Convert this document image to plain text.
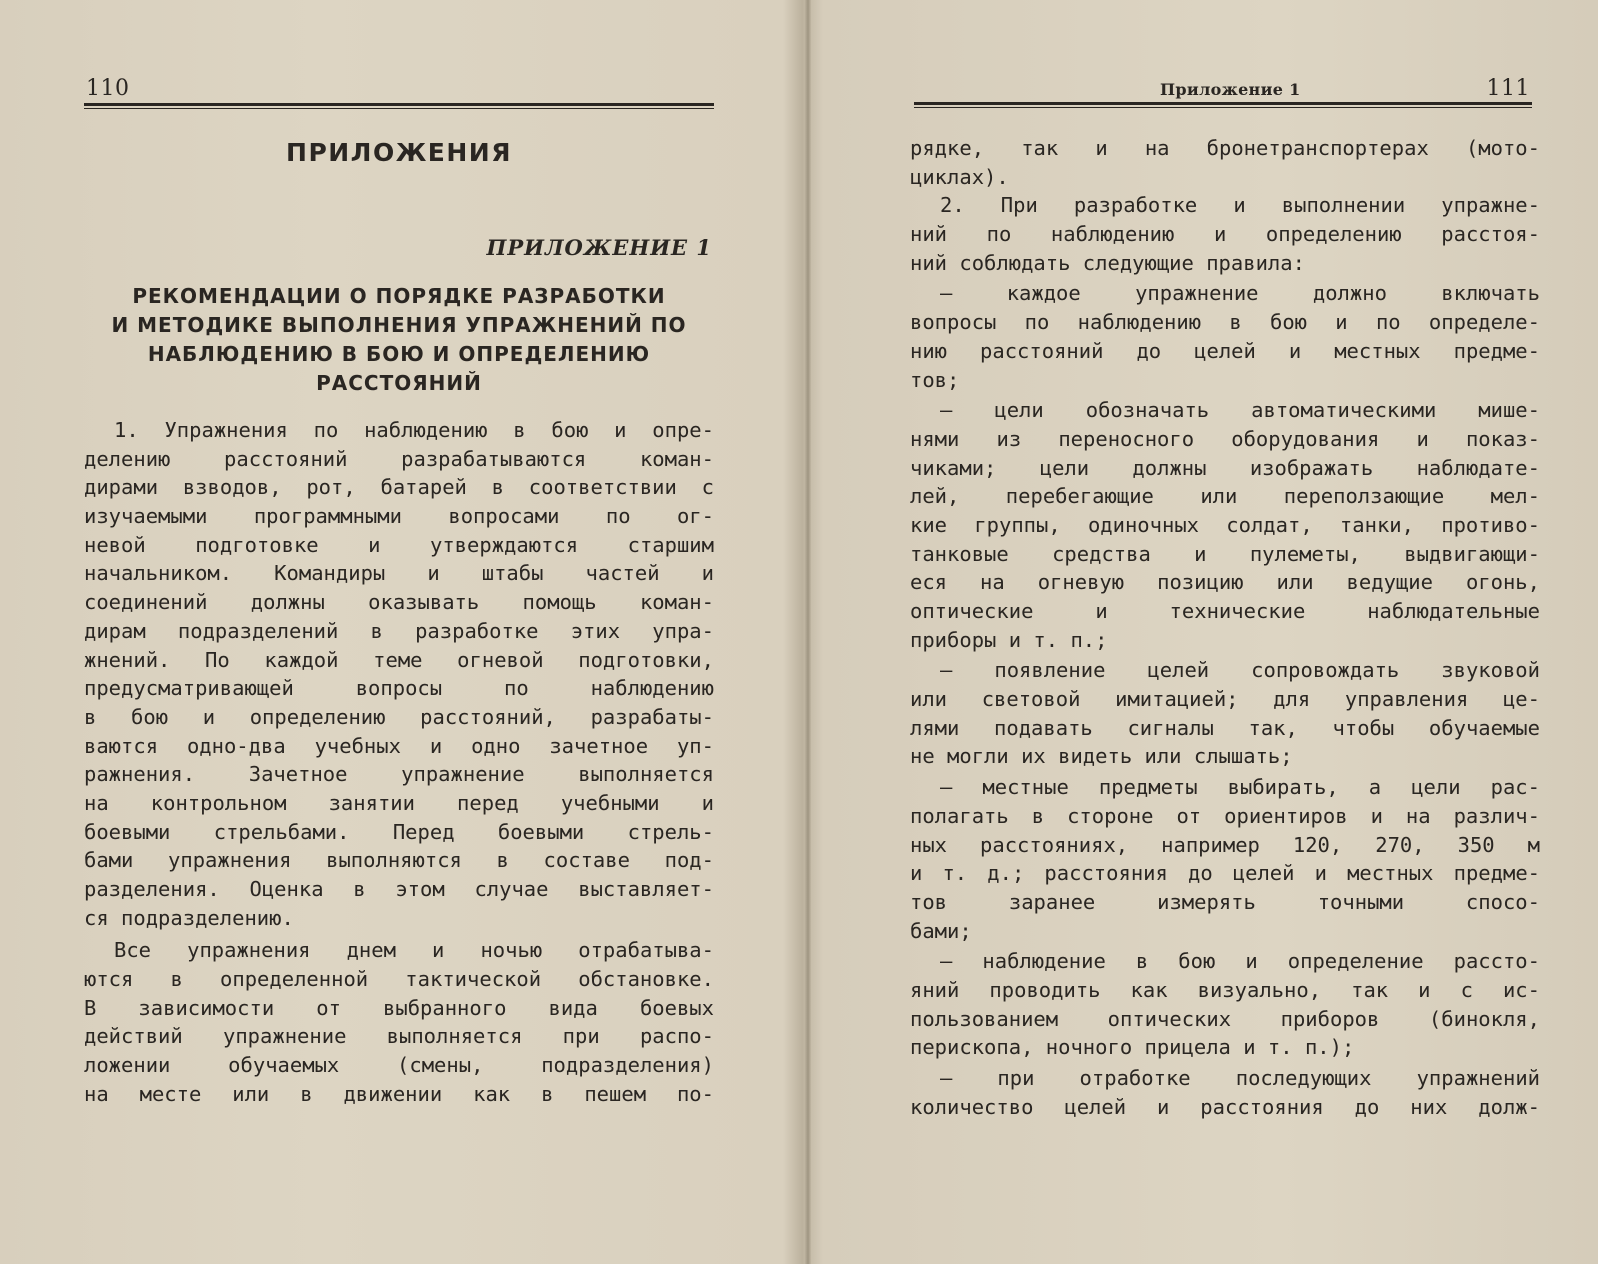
110
ПРИЛОЖЕНИЯ
ПРИЛОЖЕНИЕ 1
РЕКОМЕНДАЦИИ О ПОРЯДКЕ РАЗРАБОТКИ
И МЕТОДИКЕ ВЫПОЛНЕНИЯ УПРАЖНЕНИЙ ПО
НАБЛЮДЕНИЮ В БОЮ И ОПРЕДЕЛЕНИЮ
РАССТОЯНИЙ
1. Упражнения по наблюдению в бою и опре-
делению расстояний разрабатываются коман-
дирами взводов, рот, батарей в соответствии с
изучаемыми программными вопросами по ог-
невой подготовке и утверждаются старшим
начальником. Командиры и штабы частей и
соединений должны оказывать помощь коман-
дирам подразделений в разработке этих упра-
жнений. По каждой теме огневой подготовки,
предусматривающей вопросы по наблюдению
в бою и определению расстояний, разрабаты-
ваются одно-два учебных и одно зачетное уп-
ражнения. Зачетное упражнение выполняется
на контрольном занятии перед учебными и
боевыми стрельбами. Перед боевыми стрель-
бами упражнения выполняются в составе под-
разделения. Оценка в этом случае выставляет-
ся подразделению.
Все упражнения днем и ночью отрабатыва-
ются в определенной тактической обстановке.
В зависимости от выбранного вида боевых
действий упражнение выполняется при распо-
ложении обучаемых (смены, подразделения)
на месте или в движении как в пешем по-
Приложение 1	111
рядке, так и на бронетранспортерах (мото-
циклах).
2. При разработке и выполнении упражне-
ний по наблюдению и определению расстоя-
ний соблюдать следующие правила:
— каждое упражнение должно включать
вопросы по наблюдению в бою и по определе-
нию расстояний до целей и местных предме-
тов;
— цели обозначать автоматическими мише-
нями из переносного оборудования и показ-
чиками; цели должны изображать наблюдате-
лей, перебегающие или переползающие мел-
кие группы, одиночных солдат, танки, противо-
танковые средства и пулеметы, выдвигающи-
еся на огневую позицию или ведущие огонь,
оптические и технические наблюдательные
приборы и т. п.;
— появление целей сопровождать звуковой
или световой имитацией; для управления це-
лями подавать сигналы так, чтобы обучаемые
не могли их видеть или слышать;
— местные предметы выбирать, а цели рас-
полагать в стороне от ориентиров и на различ-
ных расстояниях, например 120, 270, 350 м
и т. д.; расстояния до целей и местных предме-
тов заранее измерять точными спосо-
бами;
— наблюдение в бою и определение рассто-
яний проводить как визуально, так и с ис-
пользованием оптических приборов (бинокля,
перископа, ночного прицела и т. п.);
— при отработке последующих упражнений
количество целей и расстояния до них долж-
